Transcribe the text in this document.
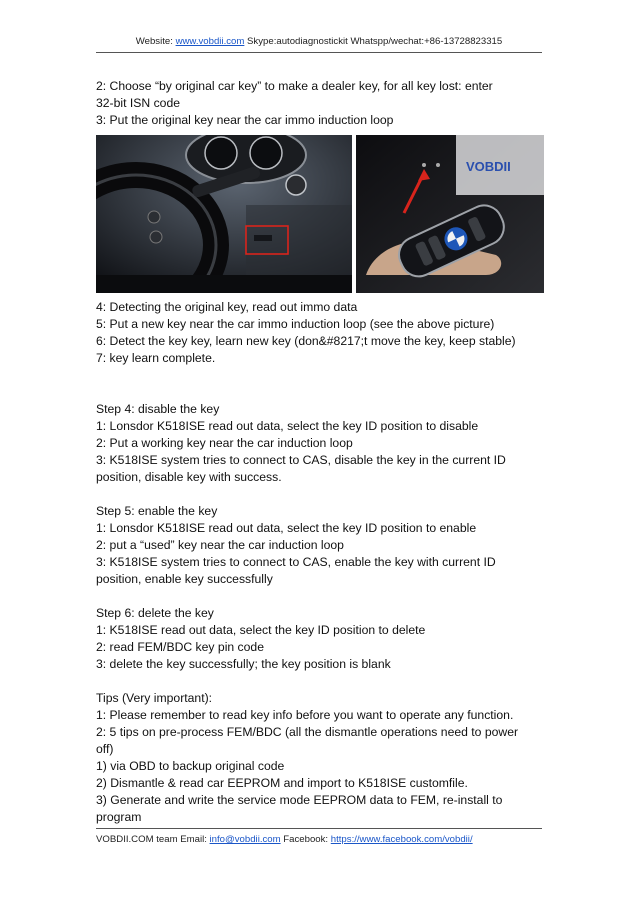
Website: www.vobdii.com Skype:autodiagnostickit Whatspp/wechat:+86-13728823315

2: Choose “by original car key” to make a dealer key, for all key lost: enter

32-bit ISN code

3: Put the original key near the car immo induction loop

VOBDII

4: Detecting the original key, read out immo data

5: Put a new key near the car immo induction loop (see the above picture)

6: Detect the key key, learn new key (don&#8217;t move the key, keep stable)

7: key learn complete.

Step 4: disable the key

1: Lonsdor K518ISE read out data, select the key ID position to disable

2: Put a working key near the car induction loop

3: K518ISE system tries to connect to CAS, disable the key in the current ID

position, disable key with success.

Step 5: enable the key

1: Lonsdor K518ISE read out data, select the key ID position to enable

2: put a “used” key near the car induction loop

3: K518ISE system tries to connect to CAS, enable the key with current ID

position, enable key successfully

Step 6: delete the key

1: K518ISE read out data, select the key ID position to delete

2: read FEM/BDC key pin code

3: delete the key successfully; the key position is blank

Tips (Very important):

1: Please remember to read key info before you want to operate any function.

2: 5 tips on pre-process FEM/BDC (all the dismantle operations need to power

off)

1) via OBD to backup original code

2) Dismantle & read car EEPROM and import to K518ISE customfile.

3) Generate and write the service mode EEPROM data to FEM, re-install to

program

VOBDII.COM team Email: info@vobdii.com Facebook: https://www.facebook.com/vobdii/
